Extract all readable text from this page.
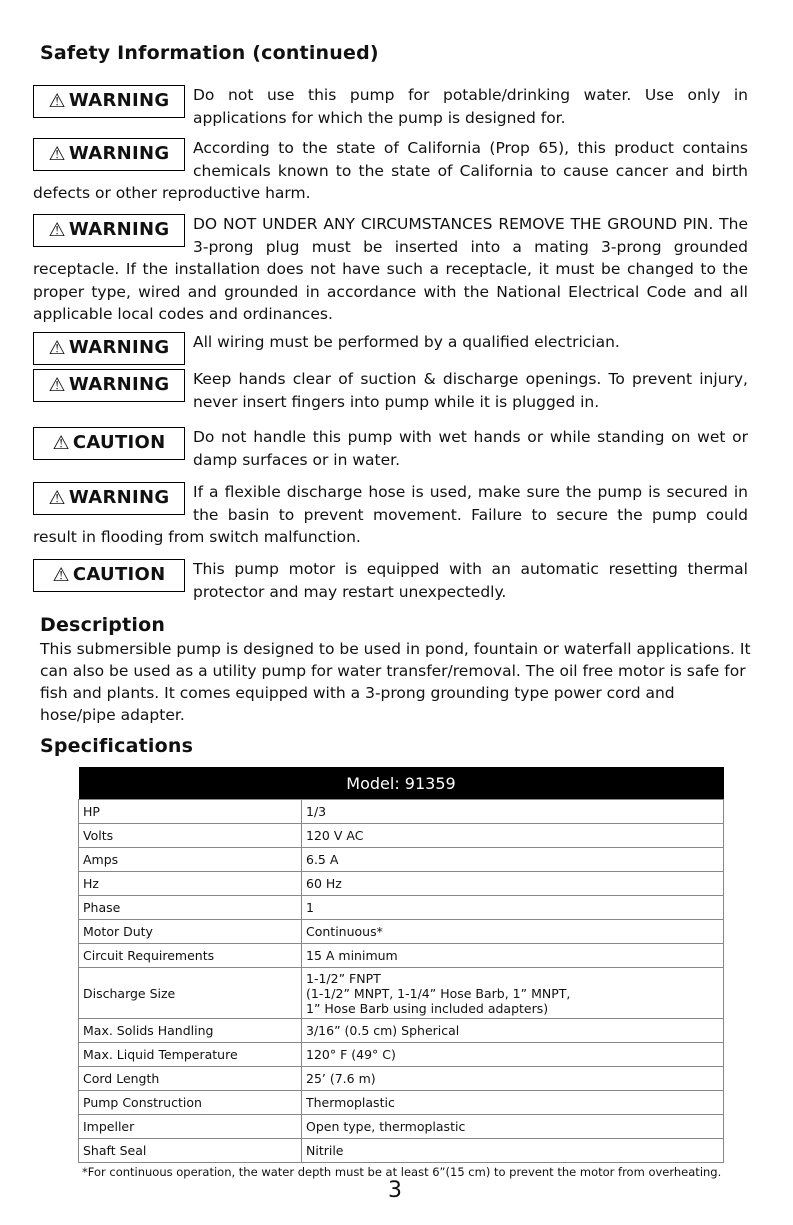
Safety Information (continued)
⚠ WARNING Do not use this pump for potable/drinking water. Use only in applications for which the pump is designed for.
⚠ WARNING According to the state of California (Prop 65), this product contains chemicals known to the state of California to cause cancer and birth defects or other reproductive harm.
⚠ WARNING DO NOT UNDER ANY CIRCUMSTANCES REMOVE THE GROUND PIN. The 3-prong plug must be inserted into a mating 3-prong grounded receptacle. If the installation does not have such a receptacle, it must be changed to the proper type, wired and grounded in accordance with the National Electrical Code and all applicable local codes and ordinances.
⚠ WARNING All wiring must be performed by a qualified electrician.
⚠ WARNING Keep hands clear of suction & discharge openings. To prevent injury, never insert fingers into pump while it is plugged in.
⚠ CAUTION Do not handle this pump with wet hands or while standing on wet or damp surfaces or in water.
⚠ WARNING If a flexible discharge hose is used, make sure the pump is secured in the basin to prevent movement. Failure to secure the pump could result in flooding from switch malfunction.
⚠ CAUTION This pump motor is equipped with an automatic resetting thermal protector and may restart unexpectedly.
Description

This submersible pump is designed to be used in pond, fountain or waterfall applications. It can also be used as a utility pump for water transfer/removal. The oil free motor is safe for fish and plants. It comes equipped with a 3-prong grounding type power cord and hose/pipe adapter.

Specifications
Model: 91359	
HP	1/3
Volts	120 V AC
Amps	6.5 A
Hz	60 Hz
Phase	1
Motor Duty	Continuous*
Circuit Requirements	15 A minimum
Discharge Size	1-1/2” FNPT
(1-1/2” MNPT, 1-1/4” Hose Barb, 1” MNPT,
1” Hose Barb using included adapters)

Max. Solids Handling	3/16” (0.5 cm) Spherical
Max. Liquid Temperature	120° F (49° C)
Cord Length	25’ (7.6 m)
Pump Construction	Thermoplastic
Impeller	Open type, thermoplastic
Shaft Seal	Nitrile

*For continuous operation, the water depth must be at least 6”(15 cm) to prevent the motor from overheating.

3
